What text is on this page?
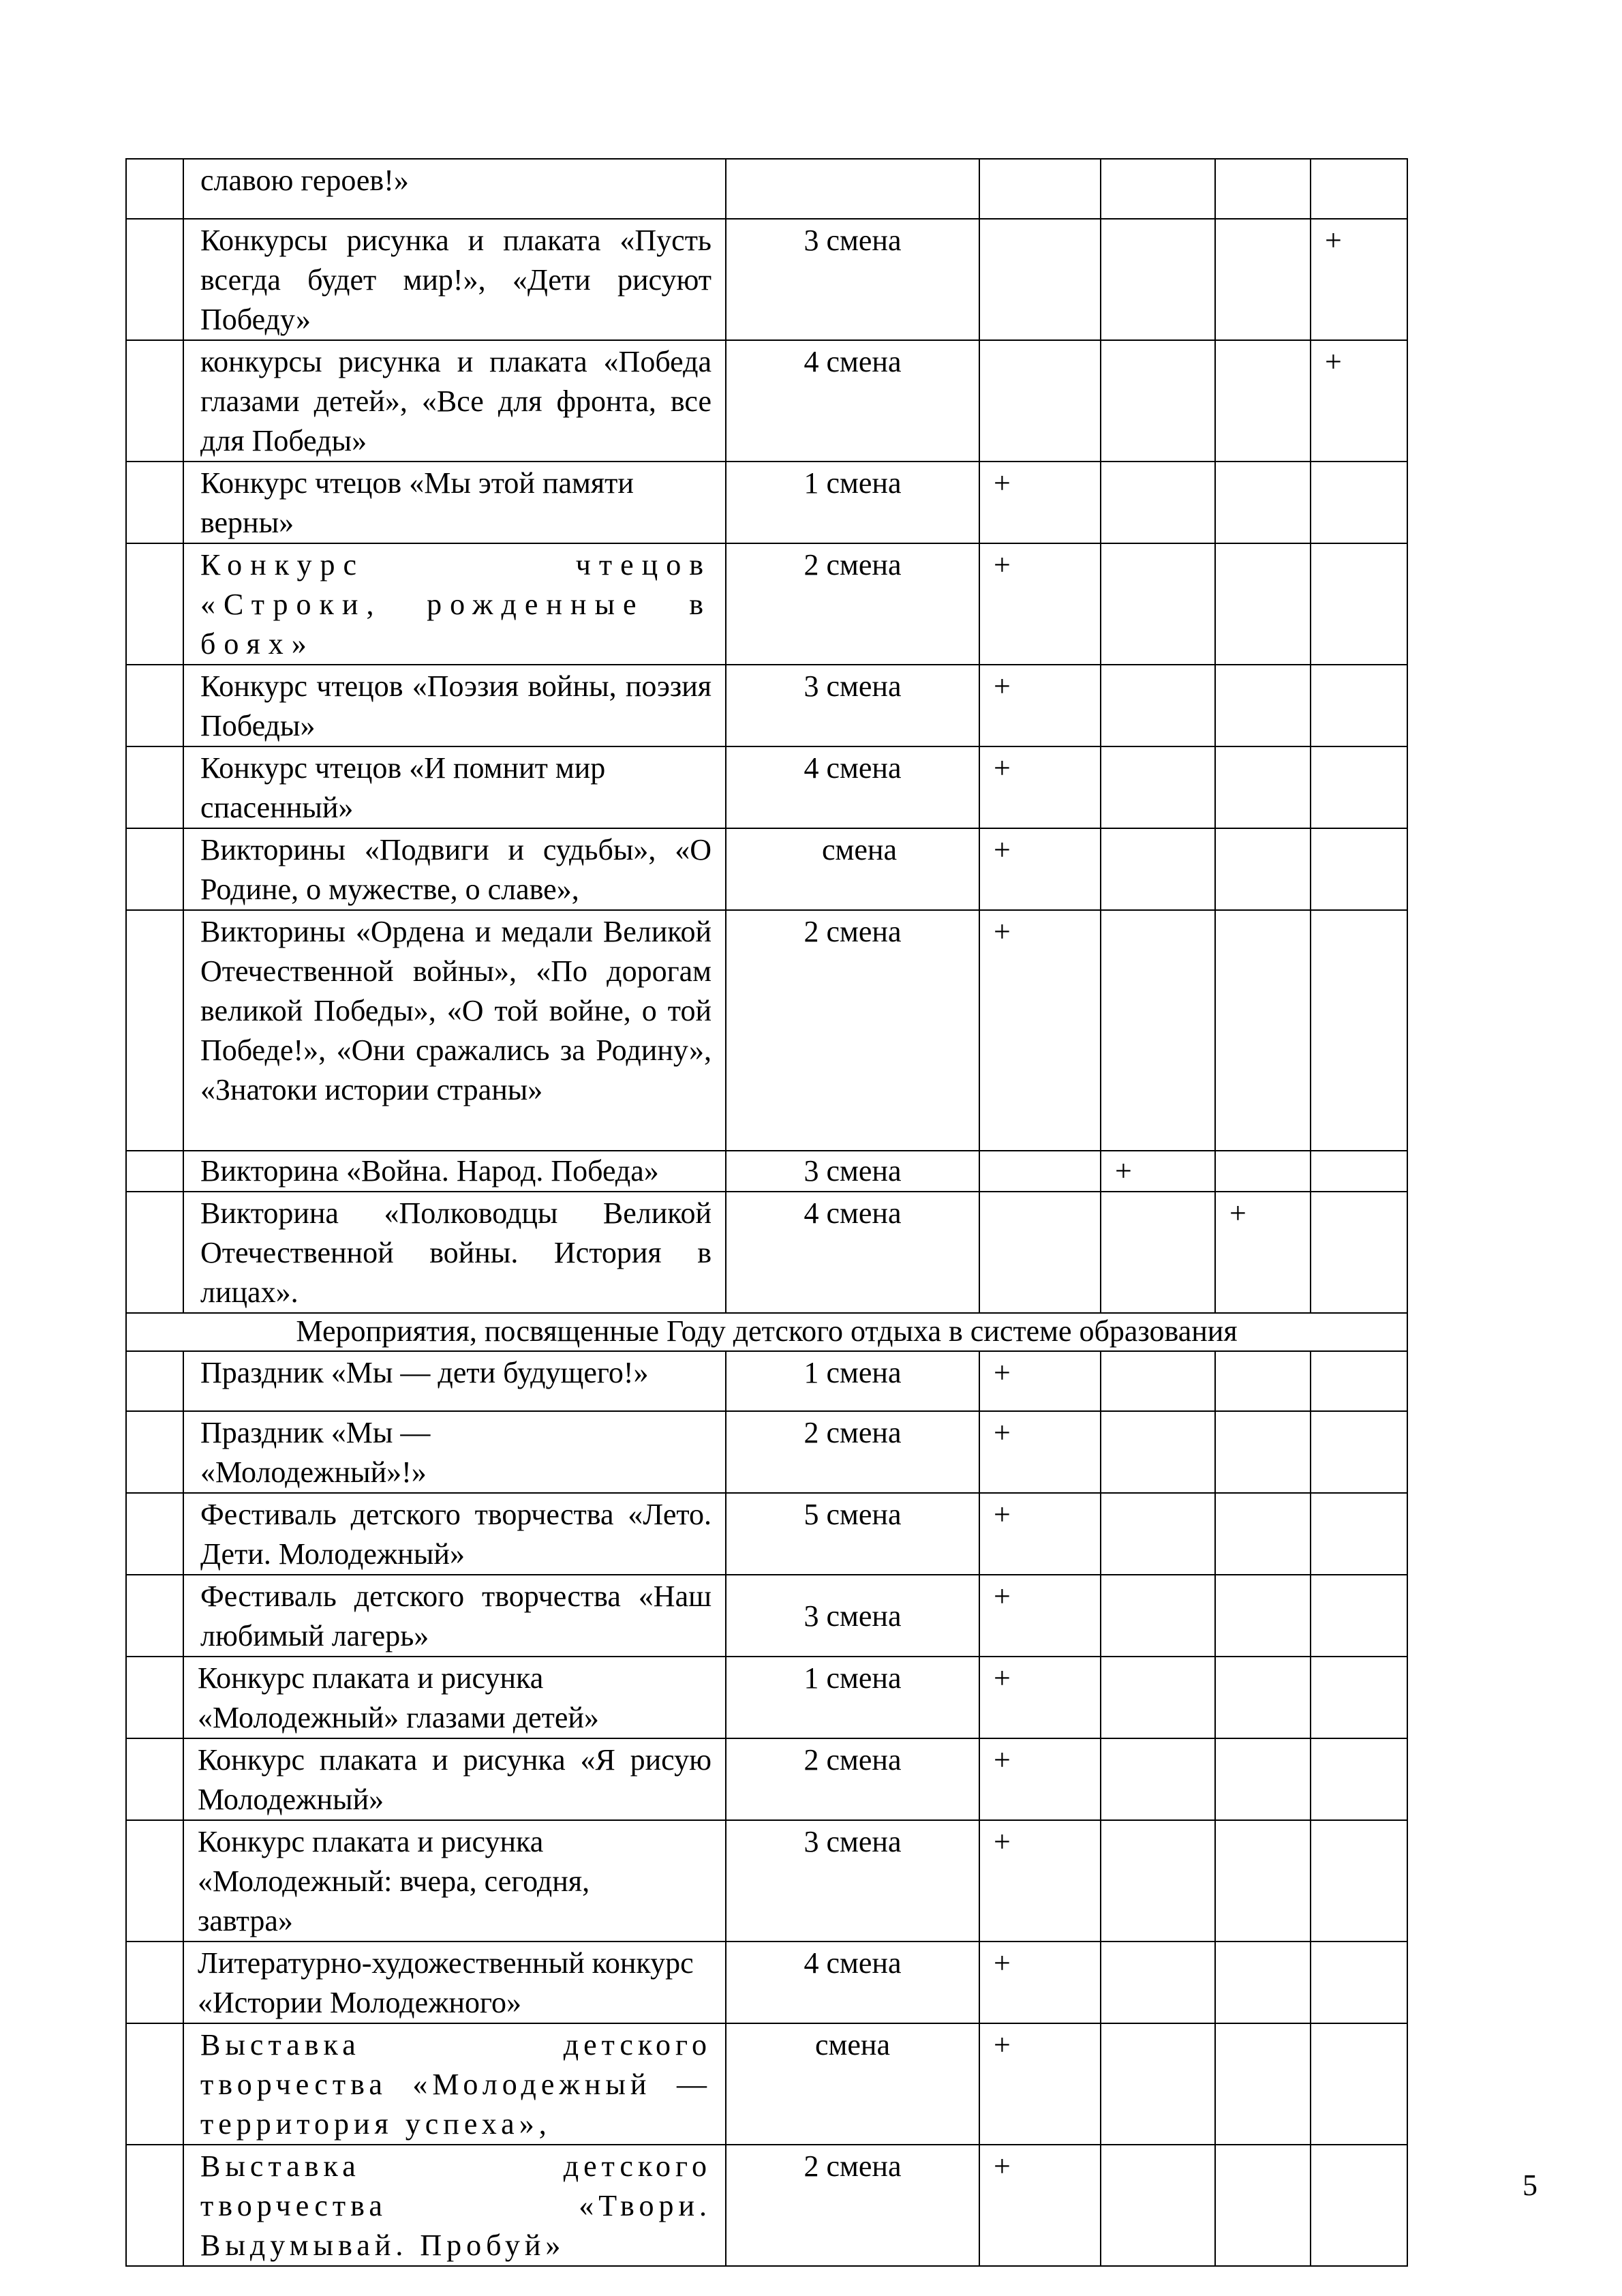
	славою героев!»					
	Конкурсы рисунка и плаката «Пусть всегда будет мир!», «Дети рисуют Победу»	3 смена				+
	конкурсы рисунка и плаката «Победа глазами детей», «Все для фронта, все для Победы»	4 смена				+
	Конкурс чтецов «Мы этой памяти верны»	1 смена	+			
	Конкурс чтецов «Строки, рожденные в боях»	2 смена	+			
	Конкурс чтецов «Поэзия войны, поэзия Победы»	3 смена	+			
	Конкурс чтецов «И помнит мир спасенный»	4 смена	+			
	Викторины «Подвиги и судьбы», «О Родине, о мужестве, о славе»,	смена	+			
	Викторины «Ордена и медали Великой Отечественной войны», «По дорогам великой Победы», «О той войне, о той Победе!», «Они сражались за Родину», «Знатоки истории страны»	2 смена	+			
	Викторина «Война. Народ. Победа»	3 смена		+		
	Викторина «Полководцы Великой Отечественной войны. История в лицах».	4 смена			+	
Мероприятия, посвященные Году детского отдыха в системе образования						
	Праздник «Мы — дети будущего!»	1 смена	+			
	Праздник «Мы — «Молодежный»!»	2 смена	+			
	Фестиваль детского творчества «Лето. Дети. Молодежный»	5 смена	+			
	Фестиваль детского творчества «Наш любимый лагерь»	3 смена	+			
	Конкурс плаката и рисунка «Молодежный» глазами детей»	1 смена	+			
	Конкурс плаката и рисунка «Я рисую Молодежный»	2 смена	+			
	Конкурс плаката и рисунка «Молодежный: вчера, сегодня, завтра»	3 смена	+			
	Литературно-художественный конкурс «Истории Молодежного»	4 смена	+			
	Выставка детского творчества «Молодежный — территория успеха»,	смена	+			
	Выставка детского творчества «Твори. Выдумывай. Пробуй»	2 смена	+			
5
